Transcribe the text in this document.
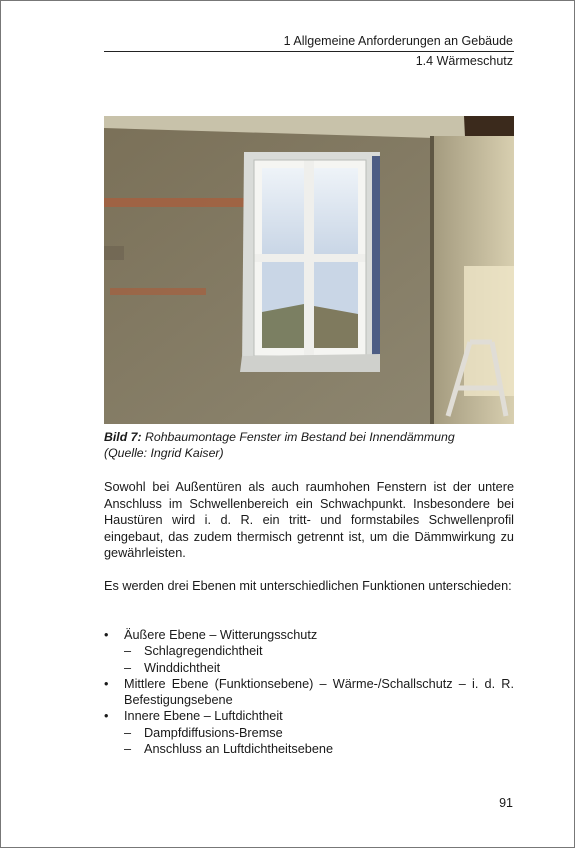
1 Allgemeine Anforderungen an Gebäude
1.4 Wärmeschutz
Bild 7: Rohbaumontage Fenster im Bestand bei Innendämmung
(Quelle: Ingrid Kaiser)
Sowohl bei Außentüren als auch raumhohen Fenstern ist der untere Anschluss im Schwellenbereich ein Schwachpunkt. Insbesondere bei Haustüren wird i. d. R. ein tritt- und formstabiles Schwellenprofil eingebaut, das zudem thermisch getrennt ist, um die Dämmwirkung zu gewährleisten.
Es werden drei Ebenen mit unterschiedlichen Funktionen unterschieden:
• Äußere Ebene – Witterungsschutz
– Schlagregendichtheit
– Winddichtheit
• Mittlere Ebene (Funktionsebene) – Wärme-/Schallschutz – i. d. R. Befestigungsebene
• Innere Ebene – Luftdichtheit
– Dampfdiffusions-Bremse
– Anschluss an Luftdichtheitsebene
91
